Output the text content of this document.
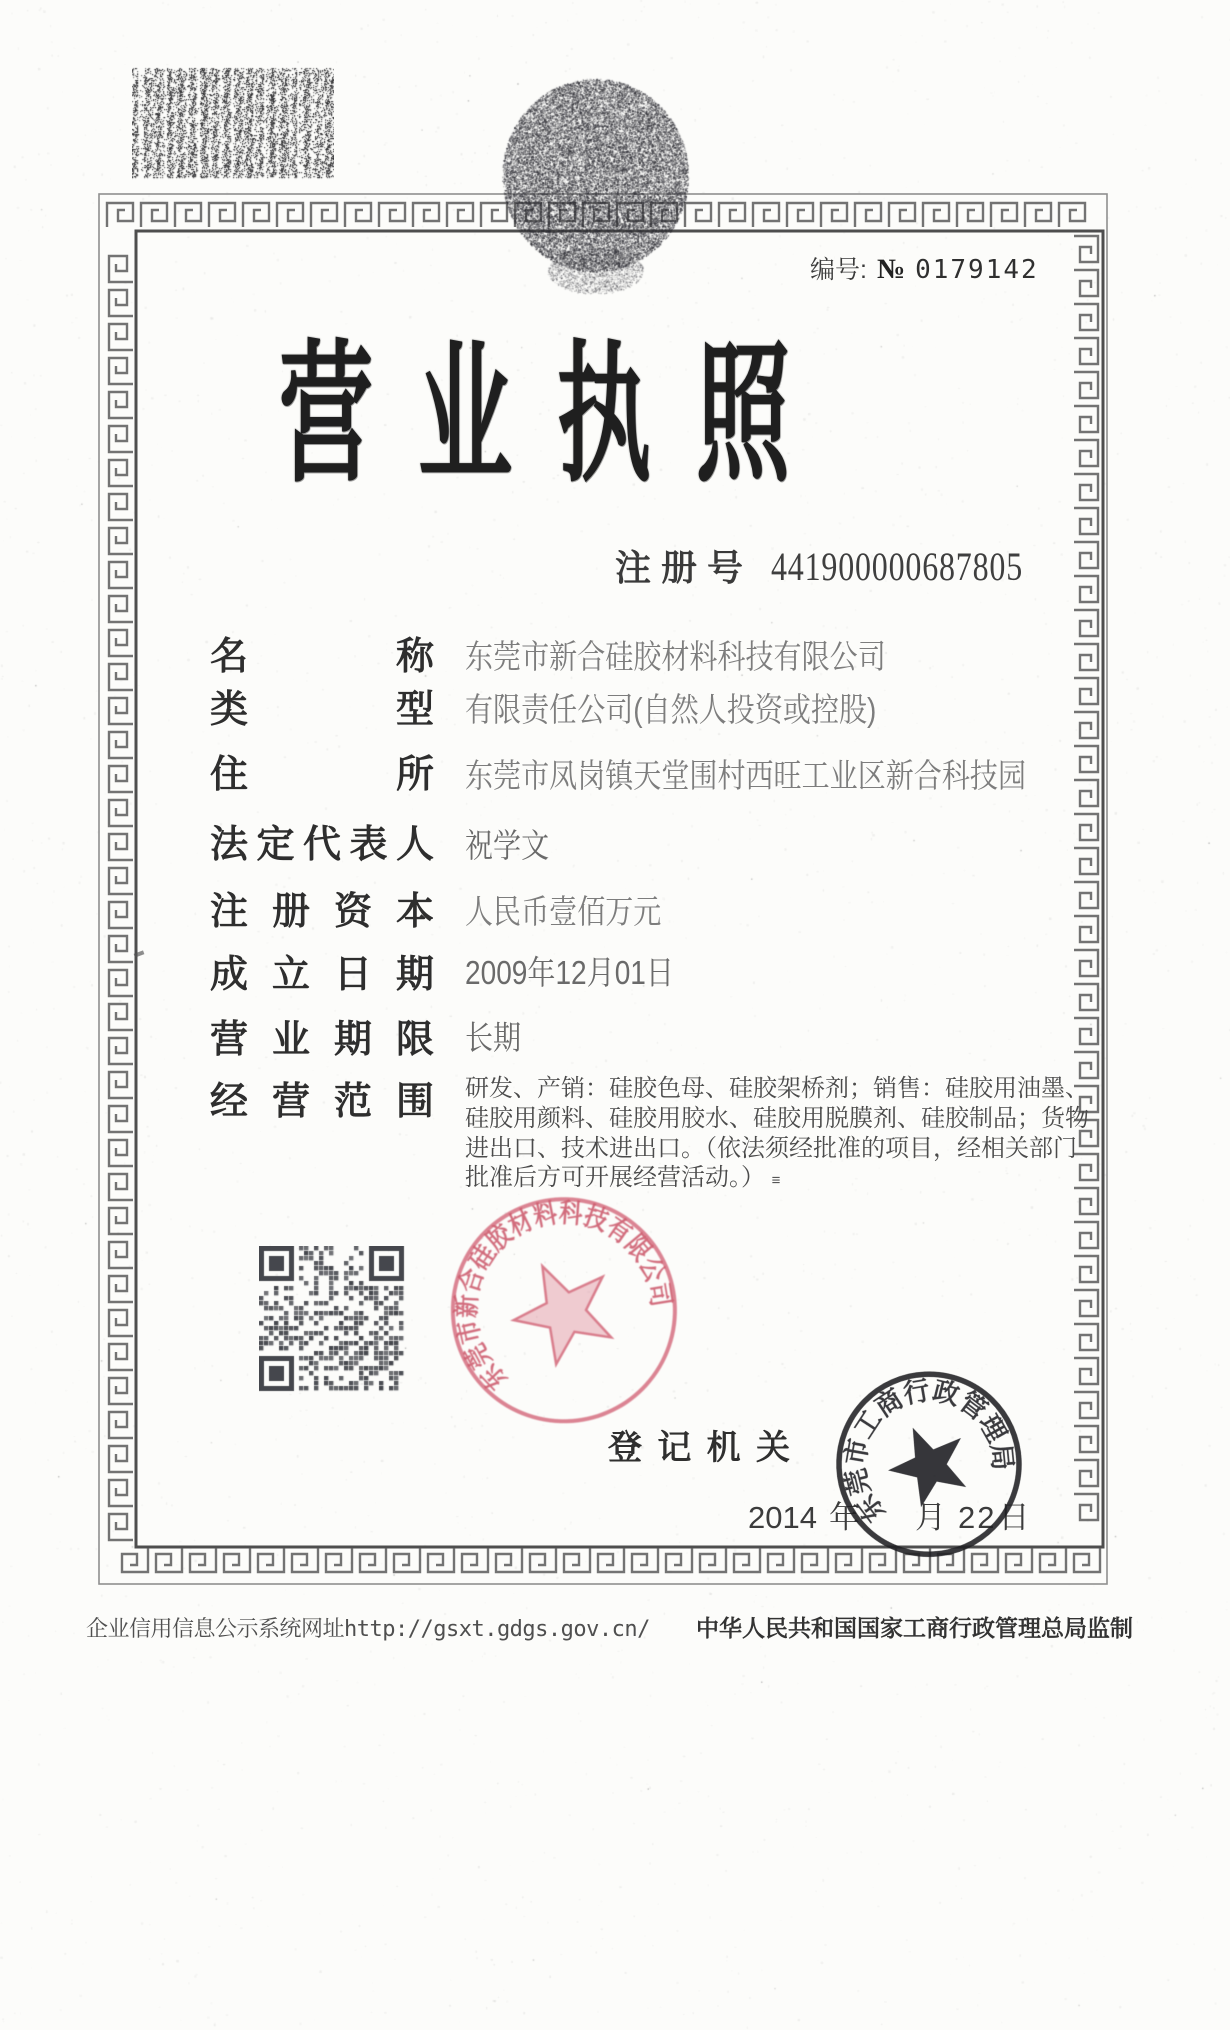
编号: № 0179142
营 业 执 照
注 册 号 441900000687805
名	称 东莞市新合硅胶材料科技有限公司
类	型 有限责任公司(自然人投资或控股)
住	所 东莞市凤岗镇天堂围村西旺工业区新合科技园
法 定 代 表 人 祝学文
注 册 资 本 人民币壹佰万元
成 立 日 期 2009年12月01日
营 业 期 限 长期
经 营 范 围 研发、产销：硅胶色母、硅胶架桥剂；销售：硅胶用油墨、硅胶用颜料、硅胶用胶水、硅胶用脱膜剂、硅胶制品；货物进出口、技术进出口。（依法须经批准的项目，经相关部门批准后方可开展经营活动。） ≡
东莞市新合硅胶材料科技有限公司
登 记 机 关
2014 年 月 22 日
东莞市工商行政管理局
企业信用信息公示系统网址http://gsxt.gdgs.gov.cn/ 中华人民共和国国家工商行政管理总局监制
